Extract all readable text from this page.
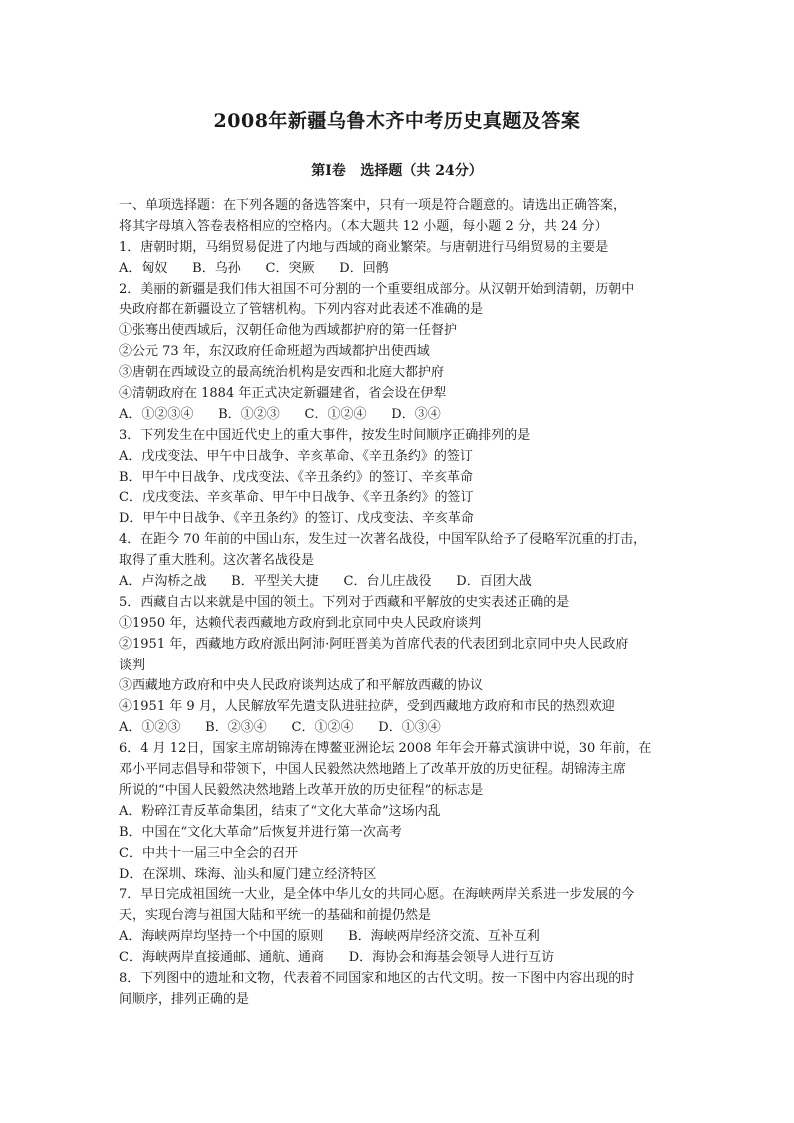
2008年新疆乌鲁木齐中考历史真题及答案
第Ⅰ卷   选择题（共 24分）
一、单项选择题：在下列各题的备选答案中，只有一项是符合题意的。请选出正确答案，
将其字母填入答卷表格相应的空格内。（本大题共 12 小题，每小题 2 分，共 24 分）
1．唐朝时期，马绢贸易促进了内地与西域的商业繁荣。与唐朝进行马绢贸易的主要是
A．匈奴      B．乌孙      C．突厥      D．回鹘
2．美丽的新疆是我们伟大祖国不可分割的一个重要组成部分。从汉朝开始到清朝，历朝中
央政府都在新疆设立了管辖机构。下列内容对此表述不准确的是
①张骞出使西域后，汉朝任命他为西域都护府的第一任督护
②公元 73 年，东汉政府任命班超为西域都护出使西域
③唐朝在西域设立的最高统治机构是安西和北庭大都护府
④清朝政府在 1884 年正式决定新疆建省，省会设在伊犁
A．①②③④      B．①②③      C．①②④      D．③④
3．下列发生在中国近代史上的重大事件，按发生时间顺序正确排列的是
A．戊戌变法、甲午中日战争、辛亥革命、《辛丑条约》的签订
B．甲午中日战争、戊戌变法、《辛丑条约》的签订、辛亥革命
C．戊戌变法、辛亥革命、甲午中日战争、《辛丑条约》的签订
D．甲午中日战争、《辛丑条约》的签订、戊戌变法、辛亥革命
4．在距今 70 年前的中国山东，发生过一次著名战役，中国军队给予了侵略军沉重的打击，
取得了重大胜利。这次著名战役是
A．卢沟桥之战      B．平型关大捷      C．台儿庄战役      D．百团大战
5．西藏自古以来就是中国的领土。下列对于西藏和平解放的史实表述正确的是
①1950 年，达赖代表西藏地方政府到北京同中央人民政府谈判
②1951 年，西藏地方政府派出阿沛·阿旺晋美为首席代表的代表团到北京同中央人民政府
谈判
③西藏地方政府和中央人民政府谈判达成了和平解放西藏的协议
④1951 年 9 月，人民解放军先遣支队进驻拉萨，受到西藏地方政府和市民的热烈欢迎
A．①②③      B．②③④      C．①②④      D．①③④
6．4 月 12日，国家主席胡锦涛在博鳌亚洲论坛 2008 年年会开幕式演讲中说，30 年前，在
邓小平同志倡导和带领下，中国人民毅然决然地踏上了改革开放的历史征程。胡锦涛主席
所说的“中国人民毅然决然地踏上改革开放的历史征程”的标志是
A．粉碎江青反革命集团，结束了“文化大革命”这场内乱
B．中国在“文化大革命”后恢复并进行第一次高考
C．中共十一届三中全会的召开
D．在深圳、珠海、汕头和厦门建立经济特区
7．早日完成祖国统一大业，是全体中华儿女的共同心愿。在海峡两岸关系进一步发展的今
天，实现台湾与祖国大陆和平统一的基础和前提仍然是
A．海峡两岸均坚持一个中国的原则      B．海峡两岸经济交流、互补互利
C．海峡两岸直接通邮、通航、通商      D．海协会和海基会领导人进行互访
8．下列图中的遗址和文物，代表着不同国家和地区的古代文明。按一下图中内容出现的时
间顺序，排列正确的是
